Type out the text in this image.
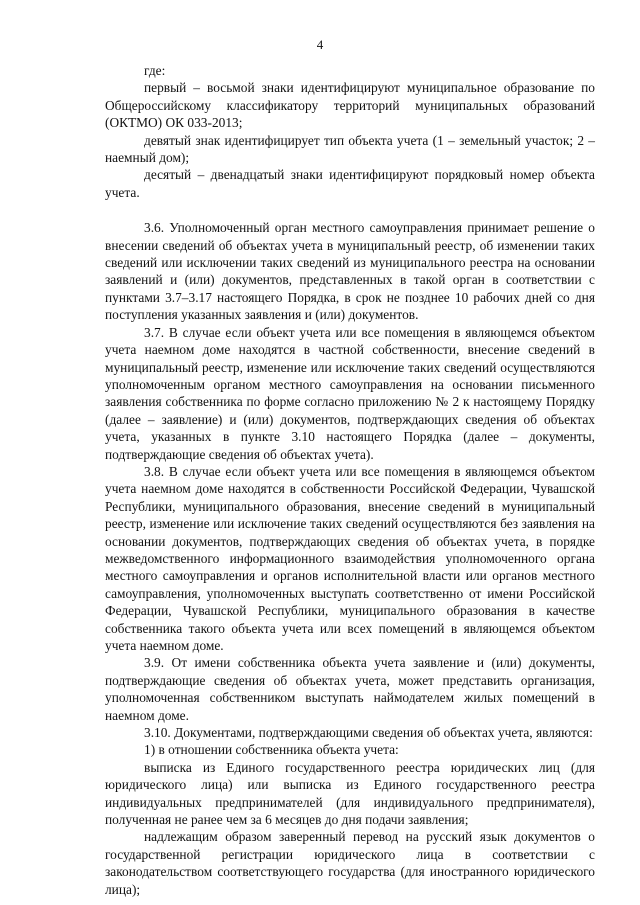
4

где:

первый – восьмой знаки идентифицируют муниципальное образование по Общероссийскому классификатору территорий муниципальных образований (ОКТМО) ОК 033-2013;

девятый знак идентифицирует тип объекта учета (1 – земельный участок; 2 – наемный дом);

десятый – двенадцатый знаки идентифицируют порядковый номер объекта учета.

3.6. Уполномоченный орган местного самоуправления принимает решение о внесении сведений об объектах учета в муниципальный реестр, об изменении таких сведений или исключении таких сведений из муниципального реестра на основании заявлений и (или) документов, представленных в такой орган в соответствии с пунктами 3.7–3.17 настоящего Порядка, в срок не позднее 10 рабочих дней со дня поступления указанных заявления и (или) документов.

3.7. В случае если объект учета или все помещения в являющемся объектом учета наемном доме находятся в частной собственности, внесение сведений в муниципальный реестр, изменение или исключение таких сведений осуществляются уполномоченным органом местного самоуправления на основании письменного заявления собственника по форме согласно приложению № 2 к настоящему Порядку (далее – заявление) и (или) документов, подтверждающих сведения об объектах учета, указанных в пункте 3.10 настоящего Порядка (далее – документы, подтверждающие сведения об объектах учета).

3.8. В случае если объект учета или все помещения в являющемся объектом учета наемном доме находятся в собственности Российской Федерации, Чувашской Республики, муниципального образования, внесение сведений в муниципальный реестр, изменение или исключение таких сведений осуществляются без заявления на основании документов, подтверждающих сведения об объектах учета, в порядке межведомственного информационного взаимодействия уполномоченного органа местного самоуправления и органов исполнительной власти или органов местного самоуправления, уполномоченных выступать соответственно от имени Российской Федерации, Чувашской Республики, муниципального образования в качестве собственника такого объекта учета или всех помещений в являющемся объектом учета наемном доме.

3.9. От имени собственника объекта учета заявление и (или) документы, подтверждающие сведения об объектах учета, может представить организация, уполномоченная собственником выступать наймодателем жилых помещений в наемном доме.

3.10. Документами, подтверждающими сведения об объектах учета, являются:

1) в отношении собственника объекта учета:

выписка из Единого государственного реестра юридических лиц (для юридического лица) или выписка из Единого государственного реестра индивидуальных предпринимателей (для индивидуального предпринимателя), полученная не ранее чем за 6 месяцев до дня подачи заявления;

надлежащим образом заверенный перевод на русский язык документов о государственной регистрации юридического лица в соответствии с законодательством соответствующего государства (для иностранного юридического лица);
